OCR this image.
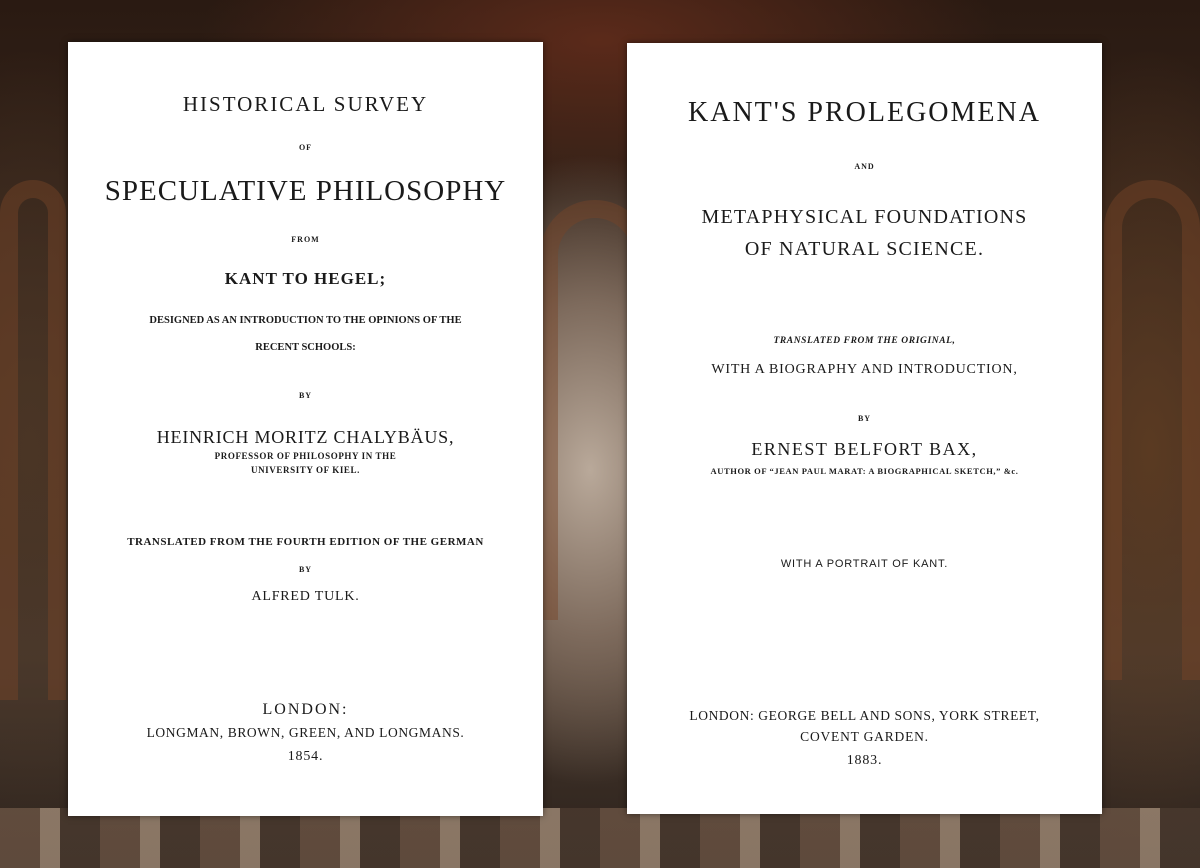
HISTORICAL SURVEY
OF
SPECULATIVE PHILOSOPHY
FROM
KANT TO HEGEL;
DESIGNED AS AN INTRODUCTION TO THE OPINIONS OF THE
RECENT SCHOOLS:
BY
HEINRICH MORITZ CHALYBÄUS,
PROFESSOR OF PHILOSOPHY IN THE
UNIVERSITY OF KIEL.
TRANSLATED FROM THE FOURTH EDITION OF THE GERMAN
BY
ALFRED TULK.
LONDON:
LONGMAN, BROWN, GREEN, AND LONGMANS.
1854.
KANT'S PROLEGOMENA
AND
METAPHYSICAL FOUNDATIONS
OF NATURAL SCIENCE.
TRANSLATED FROM THE ORIGINAL,
WITH A BIOGRAPHY AND INTRODUCTION,
BY
ERNEST BELFORT BAX,
AUTHOR OF “JEAN PAUL MARAT: A BIOGRAPHICAL SKETCH,” &c.
WITH A PORTRAIT OF KANT.
LONDON: GEORGE BELL AND SONS, YORK STREET,
COVENT GARDEN.
1883.
